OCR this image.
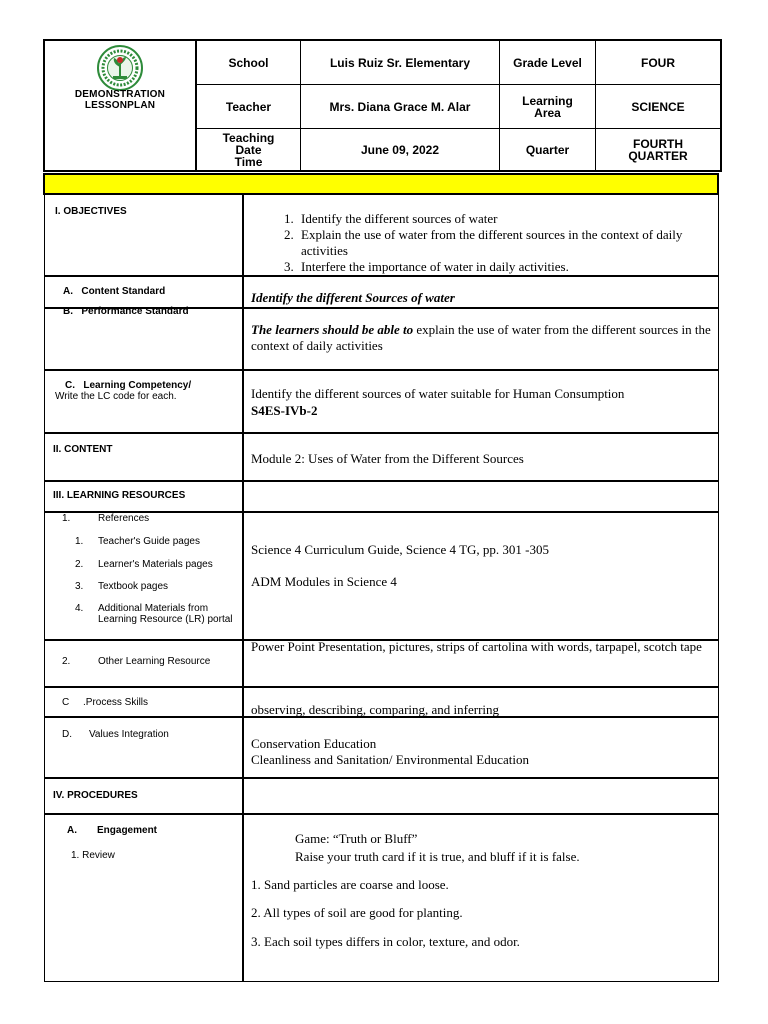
DEMONSTRATION
LESSONPLAN
School	Luis Ruiz Sr. Elementary	Grade Level	FOUR
Teacher	Mrs. Diana Grace M. Alar	Learning
Area	SCIENCE
Teaching
Date
Time
June 09, 2022	Quarter	FOURTH
QUARTER
I. OBJECTIVES
1.	Identify the different sources of water
2. Explain the use of water from the different sources in the context of daily activities
3. Interfere the importance of water in daily activities.
A. Content Standard	Identify the different Sources of water
B. Performance Standard
The learners should be able to explain the use of water from the different sources in the context of daily activities
C. Learning Competency/
Write the LC code for each.	Identify the different sources of water suitable for Human Consumption
S4ES-IVb-2
II. CONTENT
Module 2: Uses of Water from the Different Sources
III. LEARNING RESOURCES
1.	References
1. Teacher's Guide pages
2. Learner's Materials pages
3. Textbook pages
4. Additional Materials from Learning Resource (LR) portal
Science 4 Curriculum Guide, Science 4 TG, pp. 301 -305
ADM Modules in Science 4
2.	Other Learning Resource
Power Point Presentation, pictures, strips of cartolina with words, tarpapel, scotch tape
C .Process Skills	observing, describing, comparing, and inferring
D. Values Integration
Conservation Education
Cleanliness and Sanitation/ Environmental Education
IV. PROCEDURES
A. Engagement
1. Review
Game: “Truth or Bluff”
Raise your truth card if it is true, and bluff if it is false.
1. Sand particles are coarse and loose.
2. All types of soil are good for planting.
3. Each soil types differs in color, texture, and odor.
